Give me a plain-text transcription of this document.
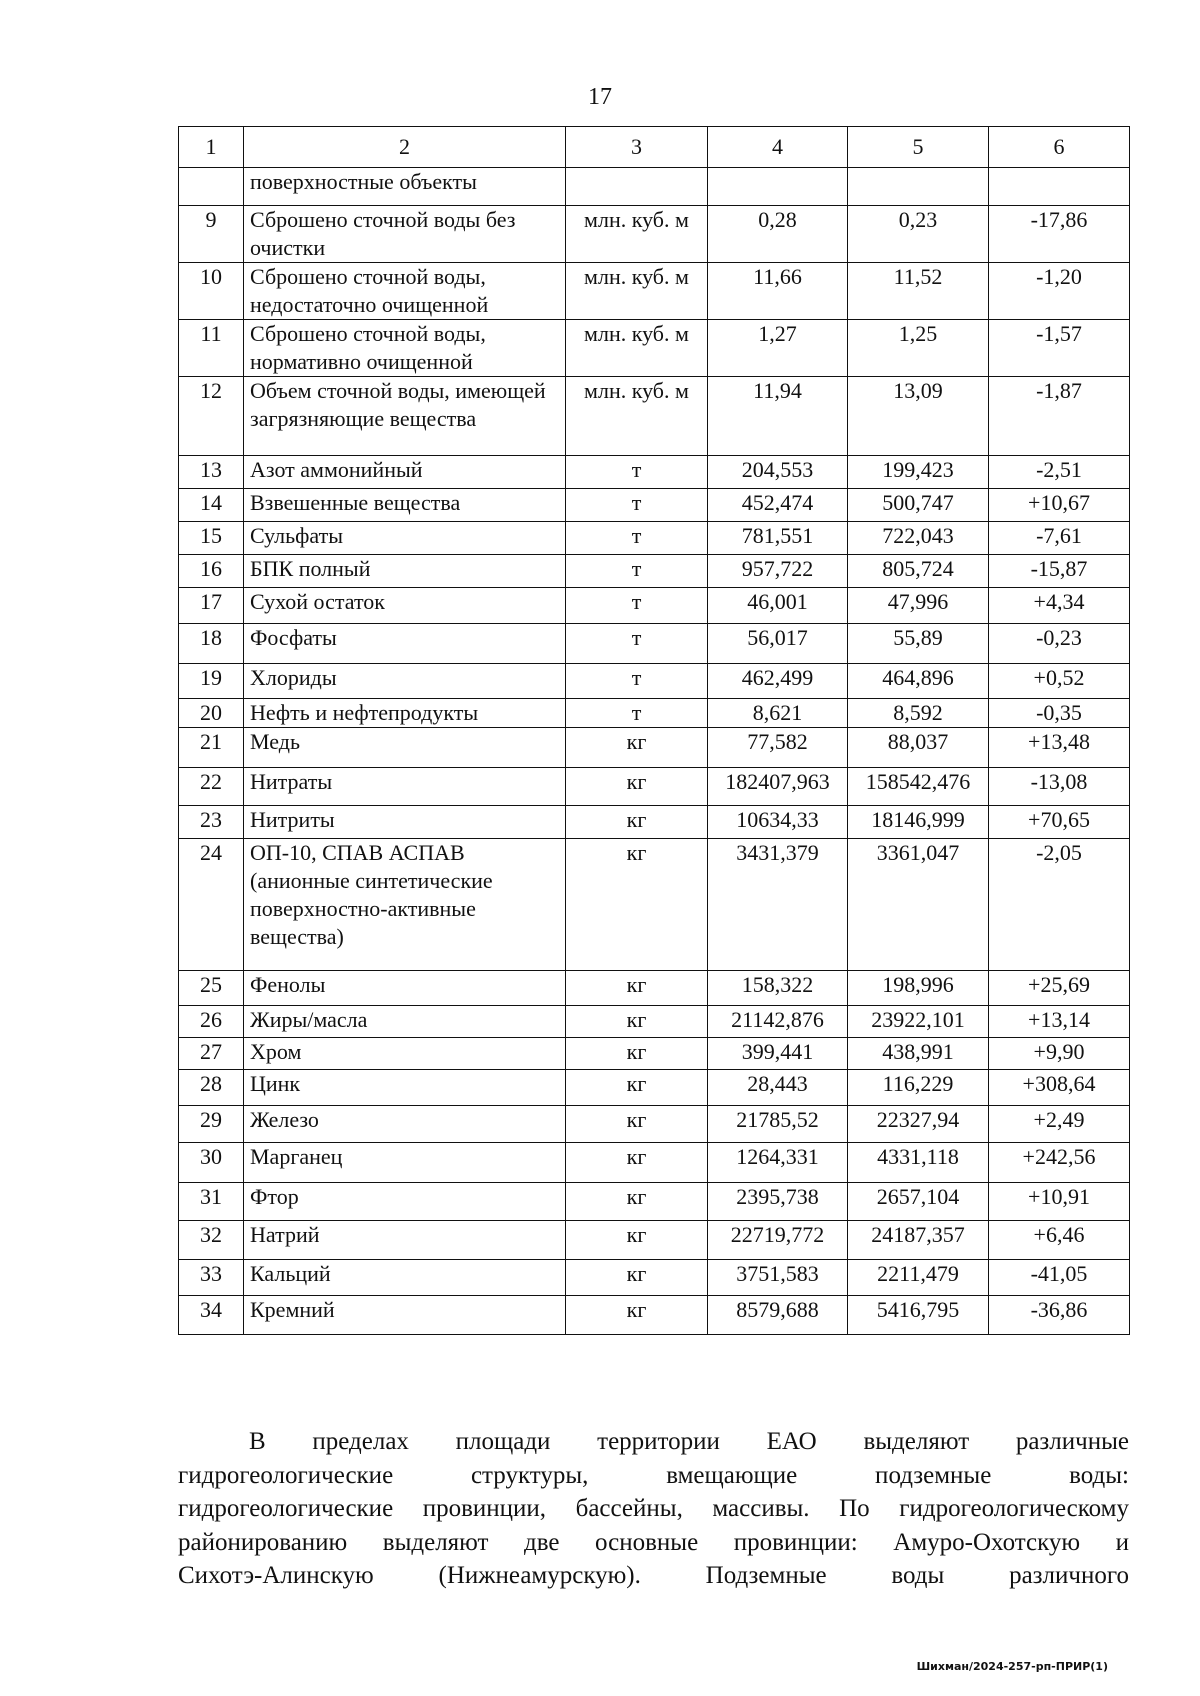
17
1	2	3	4	5	6
	поверхностные объекты				
9	Сброшено сточной воды без очистки	млн. куб. м	0,28	0,23	-17,86
10	Сброшено сточной воды, недостаточно очищенной	млн. куб. м	11,66	11,52	-1,20
11	Сброшено сточной воды, нормативно очищенной	млн. куб. м	1,27	1,25	-1,57
12	Объем сточной воды, имеющей загрязняющие вещества	млн. куб. м	11,94	13,09	-1,87
13	Азот аммонийный	т	204,553	199,423	-2,51
14	Взвешенные вещества	т	452,474	500,747	+10,67
15	Сульфаты	т	781,551	722,043	-7,61
16	БПК полный	т	957,722	805,724	-15,87
17	Сухой остаток	т	46,001	47,996	+4,34
18	Фосфаты	т	56,017	55,89	-0,23
19	Хлориды	т	462,499	464,896	+0,52
20	Нефть и нефтепродукты	т	8,621	8,592	-0,35
21	Медь	кг	77,582	88,037	+13,48
22	Нитраты	кг	182407,963	158542,476	-13,08
23	Нитриты	кг	10634,33	18146,999	+70,65
24	ОП-10, СПАВ АСПАВ (анионные синтетические поверхностно-активные вещества)	кг	3431,379	3361,047	-2,05
25	Фенолы	кг	158,322	198,996	+25,69
26	Жиры/масла	кг	21142,876	23922,101	+13,14
27	Хром	кг	399,441	438,991	+9,90
28	Цинк	кг	28,443	116,229	+308,64
29	Железо	кг	21785,52	22327,94	+2,49
30	Марганец	кг	1264,331	4331,118	+242,56
31	Фтор	кг	2395,738	2657,104	+10,91
32	Натрий	кг	22719,772	24187,357	+6,46
33	Кальций	кг	3751,583	2211,479	-41,05
34	Кремний	кг	8579,688	5416,795	-36,86
В пределах площади территории ЕАО выделяют различные
гидрогеологические структуры, вмещающие подземные воды:
гидрогеологические провинции, бассейны, массивы. По гидрогеологическому
районированию выделяют две основные провинции: Амуро-Охотскую и
Сихотэ-Алинскую (Нижнеамурскую). Подземные воды различного
Шихман/2024-257-рп-ПРИР(1)
